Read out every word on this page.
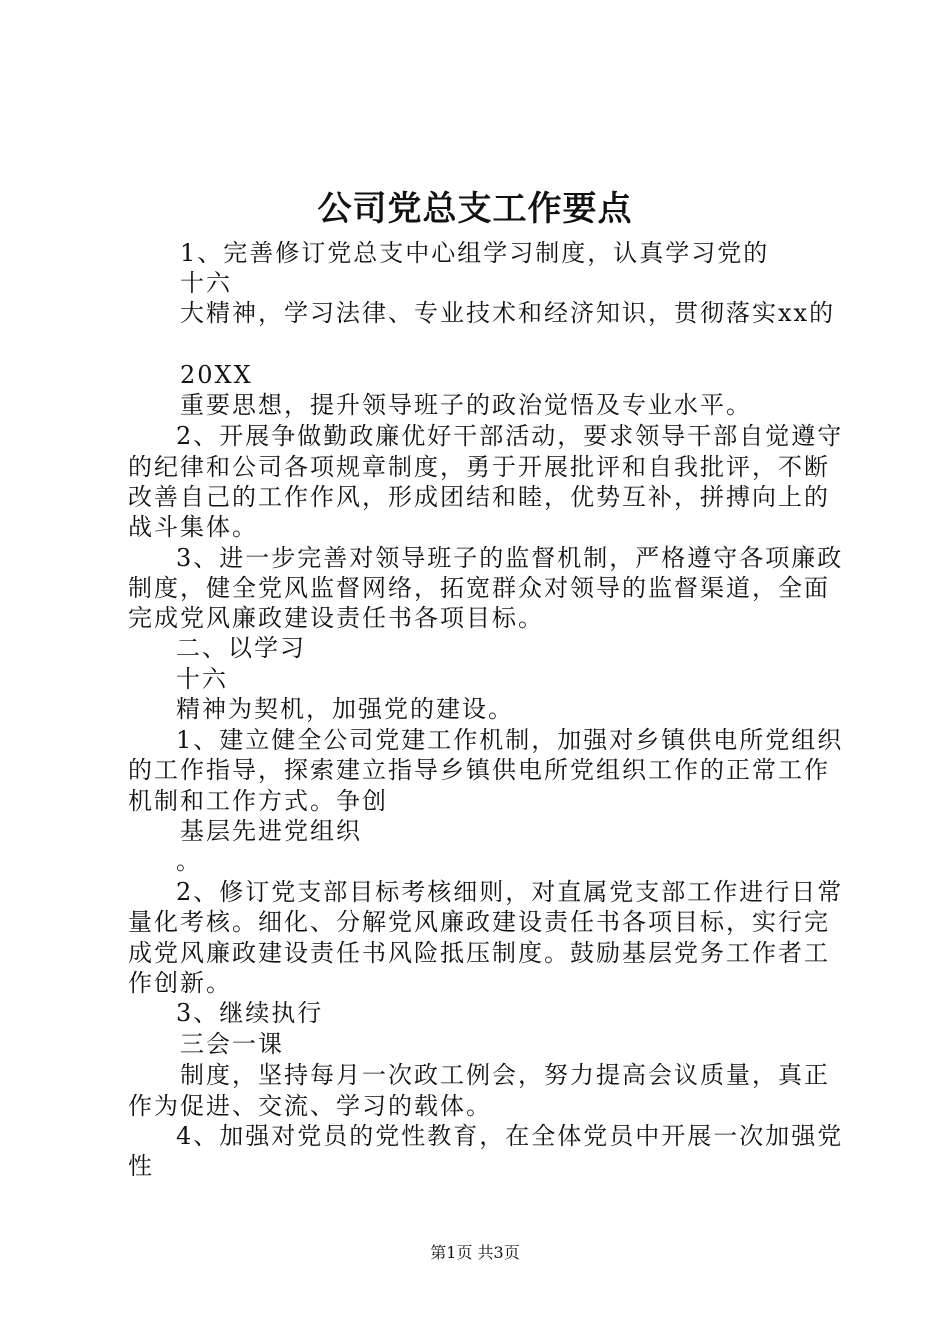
公司党总支工作要点
1、完善修订党总支中心组学习制度，认真学习党的
十六
大精神，学习法律、专业技术和经济知识，贯彻落实xx的
20XX
重要思想，提升领导班子的政治觉悟及专业水平。
2、开展争做勤政廉优好干部活动，要求领导干部自觉遵守
的纪律和公司各项规章制度，勇于开展批评和自我批评，不断
改善自己的工作作风，形成团结和睦，优势互补，拼搏向上的
战斗集体。
3、进一步完善对领导班子的监督机制，严格遵守各项廉政
制度，健全党风监督网络，拓宽群众对领导的监督渠道，全面
完成党风廉政建设责任书各项目标。
二、以学习
十六
精神为契机，加强党的建设。
1、建立健全公司党建工作机制，加强对乡镇供电所党组织
的工作指导，探索建立指导乡镇供电所党组织工作的正常工作
机制和工作方式。争创
基层先进党组织
。
2、修订党支部目标考核细则，对直属党支部工作进行日常
量化考核。细化、分解党风廉政建设责任书各项目标，实行完
成党风廉政建设责任书风险抵压制度。鼓励基层党务工作者工
作创新。
3、继续执行
三会一课
制度，坚持每月一次政工例会，努力提高会议质量，真正
作为促进、交流、学习的载体。
4、加强对党员的党性教育，在全体党员中开展一次加强党
性
第1页 共3页
